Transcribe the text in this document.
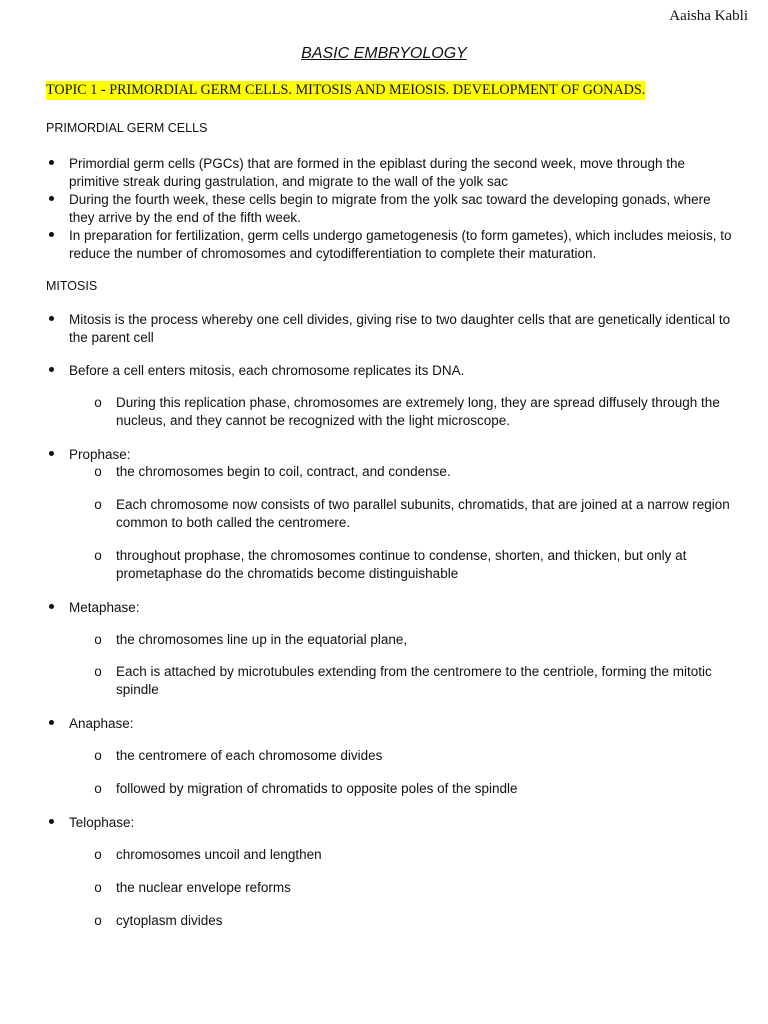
Aaisha Kabli
BASIC EMBRYOLOGY
TOPIC 1 - PRIMORDIAL GERM CELLS. MITOSIS AND MEIOSIS. DEVELOPMENT OF GONADS.
PRIMORDIAL GERM CELLS
Primordial germ cells (PGCs) that are formed in the epiblast during the second week, move through the primitive streak during gastrulation, and migrate to the wall of the yolk sac
During the fourth week, these cells begin to migrate from the yolk sac toward the developing gonads, where they arrive by the end of the fifth week.
In preparation for fertilization, germ cells undergo gametogenesis (to form gametes), which includes meiosis, to reduce the number of chromosomes and cytodifferentiation to complete their maturation.
MITOSIS
Mitosis is the process whereby one cell divides, giving rise to two daughter cells that are genetically identical to the parent cell
Before a cell enters mitosis, each chromosome replicates its DNA.
o During this replication phase, chromosomes are extremely long, they are spread diffusely through the nucleus, and they cannot be recognized with the light microscope.
Prophase:
o the chromosomes begin to coil, contract, and condense.
o Each chromosome now consists of two parallel subunits, chromatids, that are joined at a narrow region common to both called the centromere.
o throughout prophase, the chromosomes continue to condense, shorten, and thicken, but only at prometaphase do the chromatids become distinguishable
Metaphase:
o the chromosomes line up in the equatorial plane,
o Each is attached by microtubules extending from the centromere to the centriole, forming the mitotic spindle
Anaphase:
o the centromere of each chromosome divides
o followed by migration of chromatids to opposite poles of the spindle
Telophase:
o chromosomes uncoil and lengthen
o the nuclear envelope reforms
o cytoplasm divides
